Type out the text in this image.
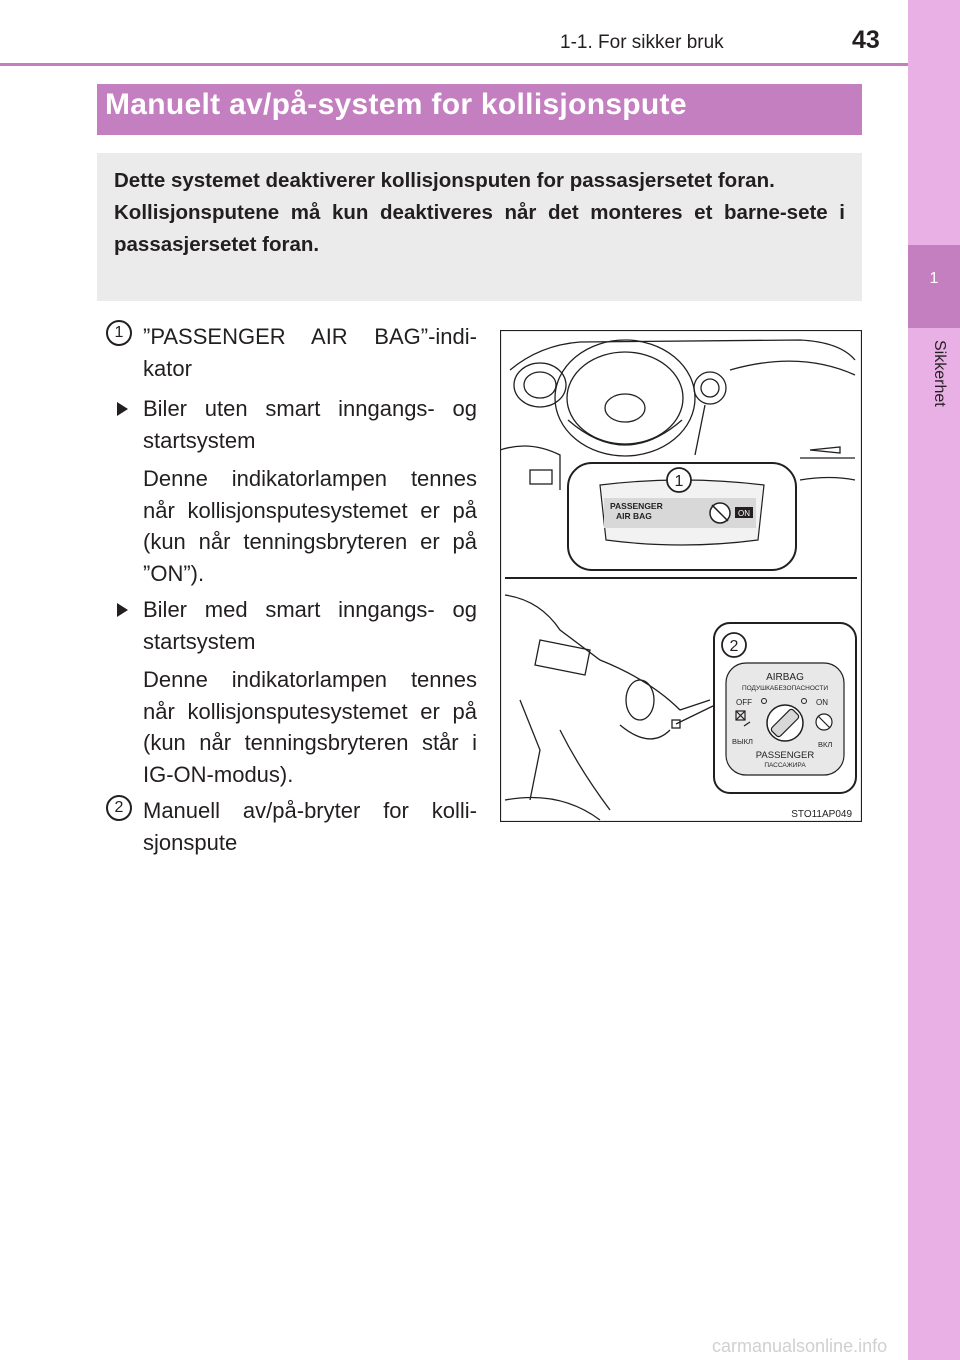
1-1. For sikker bruk	43
1
Sikkerhet
Manuelt av/på-system for kollisjonspute

Dette systemet deaktiverer kollisjonsputen for passasjersetet foran.

Kollisjonsputene må kun deaktiveres når det monteres et barne-sete i passasjersetet foran.

1 ”PASSENGER AIR BAG”-indi-kator

Biler uten smart inngangs- og startsystem

Denne indikatorlampen tennes når kollisjonsputesystemet er på (kun når tenningsbryteren er på ”ON”).

Biler med smart inngangs- og startsystem

Denne indikatorlampen tennes når kollisjonsputesystemet er på (kun når tenningsbryteren står i IG-ON-modus).

2 Manuell av/på-bryter for kolli-sjonspute

1
PASSENGER
AIR BAG	ON
2
AIRBAG
ПОДУШКАБЕЗОПАСНОСТИ
OFF	ON
ВЫКЛ	ВКЛ
PASSENGER
ПАССАЖИРА
STO11AP049
carmanualsonline.info
